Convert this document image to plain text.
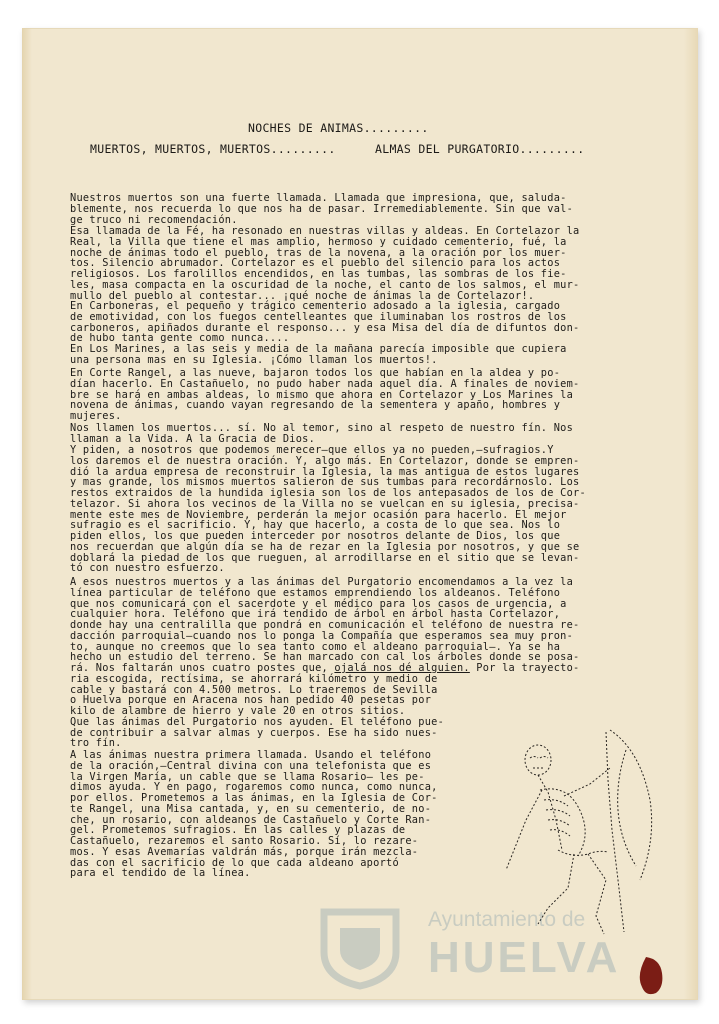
NOCHES DE ANIMAS.........
MUERTOS, MUERTOS, MUERTOS.........	ALMAS DEL PURGATORIO.........
Nuestros muertos son una fuerte llamada. Llamada que impresiona, que, saluda-
blemente, nos recuerda lo que nos ha de pasar. Irremediablemente. Sin que val-
ge truco ni recomendación.
Esa llamada de la Fé, ha resonado en nuestras villas y aldeas. En Cortelazor la
Real, la Villa que tiene el mas amplio, hermoso y cuidado cementerio, fué, la
noche de ánimas todo el pueblo, tras de la novena, a la oración por los muer-
tos. Silencio abrumador. Cortelazor es el pueblo del silencio para los actos
religiosos. Los farolillos encendidos, en las tumbas, las sombras de los fie-
les, masa compacta en la oscuridad de la noche, el canto de los salmos, el mur-
mullo del pueblo al contestar... ¡qué noche de ánimas la de Cortelazor!.
En Carboneras, el pequeño y trágico cementerio adosado a la iglesia, cargado
de emotividad, con los fuegos centelleantes que iluminaban los rostros de los
carboneros, apiñados durante el responso... y esa Misa del día de difuntos don-
de hubo tanta gente como nunca....
En Los Marines, a las seis y media de la mañana parecía imposible que cupiera
una persona mas en su Iglesia. ¡Cómo llaman los muertos!.
En Corte Rangel, a las nueve, bajaron todos los que habían en la aldea y po-
dían hacerlo. En Castañuelo, no pudo haber nada aquel día. A finales de noviem-
bre se hará en ambas aldeas, lo mismo que ahora en Cortelazor y Los Marines la
novena de ánimas, cuando vayan regresando de la sementera y apaño, hombres y
mujeres.
Nos llamen los muertos... sí. No al temor, sino al respeto de nuestro fín. Nos
llaman a la Vida. A la Gracia de Dios.
Y piden, a nosotros que podemos merecer—que ellos ya no pueden,—sufragios.Y
los daremos el de nuestra oración. Y, algo más. En Cortelazor, donde se empren-
dió la ardua empresa de reconstruir la Iglesia, la mas antigua de estos lugares
y mas grande, los mismos muertos salieron de sus tumbas para recordárnoslo. Los
restos extraidos de la hundida iglesia son los de los antepasados de los de Cor-
telazor. Si ahora los vecinos de la Villa no se vuelcan en su iglesia, precisa-
mente este mes de Noviembre, perderán la mejor ocasión para hacerlo. El mejor
sufragio es el sacrificio. Y, hay que hacerlo, a costa de lo que sea. Nos lo
piden ellos, los que pueden interceder por nosotros delante de Dios, los que
nos recuerdan que algún día se ha de rezar en la Iglesia por nosotros, y que se
doblará la piedad de los que rueguen, al arrodillarse en el sitio que se levan-
tó con nuestro esfuerzo.
A esos nuestros muertos y a las ánimas del Purgatorio encomendamos a la vez la
línea particular de teléfono que estamos emprendiendo los aldeanos. Teléfono
que nos comunicará con el sacerdote y el médico para los casos de urgencia, a
cualquier hora. Teléfono que irá tendido de árbol en árbol hasta Cortelazor,
donde hay una centralilla que pondrá en comunicación el teléfono de nuestra re-
dacción parroquial—cuando nos lo ponga la Compañía que esperamos sea muy pron-
to, aunque no creemos que lo sea tanto como el aldeano parroquial—. Ya se ha
hecho un estudio del terreno. Se han marcado con cal los árboles donde se posa-
rá. Nos faltarán unos cuatro postes que, ojalá nos dé alguien. Por la trayecto-
ria escogida, rectísima, se ahorrará kilómetro y medio de
cable y bastará con 4.500 metros. Lo traeremos de Sevilla
o Huelva porque en Aracena nos han pedido 40 pesetas por
kilo de alambre de hierro y vale 20 en otros sitios.
Que las ánimas del Purgatorio nos ayuden. El teléfono pue-
de contribuir a salvar almas y cuerpos. Ese ha sido nues-
tro fín.
A las ánimas nuestra primera llamada. Usando el teléfono
de la oración,—Central divina con una telefonista que es
la Virgen María, un cable que se llama Rosario— les pe-
dimos ayuda. Y en pago, rogaremos como nunca, como nunca,
por ellos. Prometemos a las ánimas, en la Iglesia de Cor-
te Rangel, una Misa cantada, y, en su cementerio, de no-
che, un rosario, con aldeanos de Castañuelo y Corte Ran-
gel. Prometemos sufragios. En las calles y plazas de
Castañuelo, rezaremos el santo Rosario. Sí, lo rezare-
mos. Y esas Avemarías valdrán más, porque irán mezcla-
das con el sacrificio de lo que cada aldeano aportó
para el tendido de la línea.
Ayuntamiento de
HUELVA
